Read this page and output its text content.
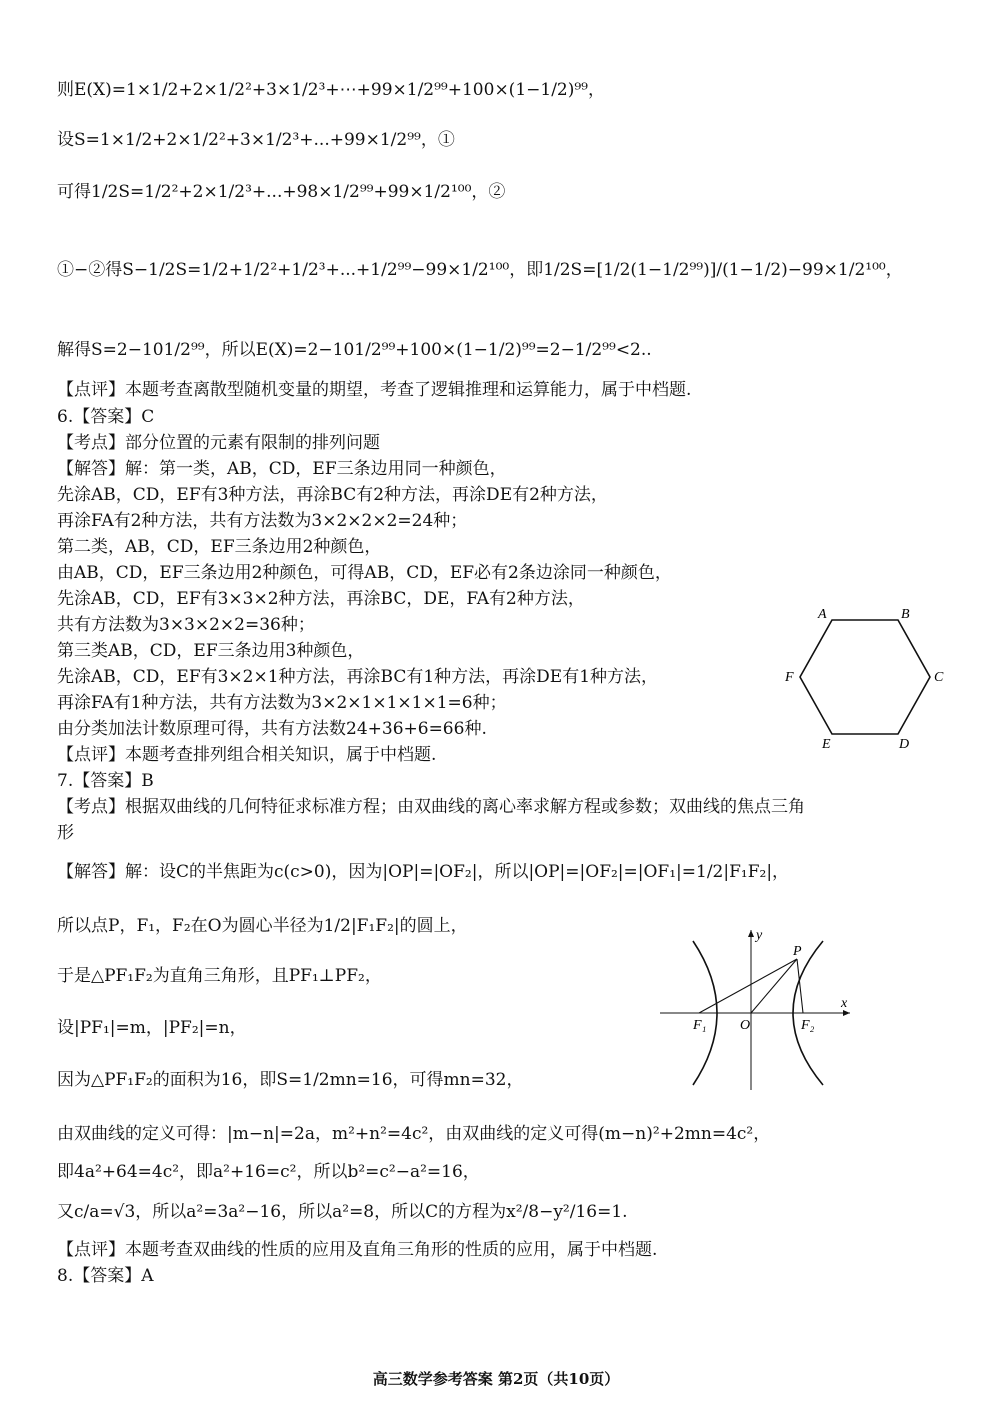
则E(X)=1×1/2+2×1/2²+3×1/2³+⋯+99×1/2⁹⁹+100×(1−1/2)⁹⁹，
设S=1×1/2+2×1/2²+3×1/2³+...+99×1/2⁹⁹，①
可得1/2S=1/2²+2×1/2³+...+98×1/2⁹⁹+99×1/2¹⁰⁰，②
①−②得S−1/2S=1/2+1/2²+1/2³+...+1/2⁹⁹−99×1/2¹⁰⁰，即1/2S=[1/2(1−1/2⁹⁹)]/(1−1/2)−99×1/2¹⁰⁰，
解得S=2−101/2⁹⁹，所以E(X)=2−101/2⁹⁹+100×(1−1/2)⁹⁹=2−1/2⁹⁹<2..
【点评】本题考查离散型随机变量的期望，考查了逻辑推理和运算能力，属于中档题.
6.【答案】C
【考点】部分位置的元素有限制的排列问题
【解答】解：第一类，AB，CD，EF三条边用同一种颜色，
先涂AB，CD，EF有3种方法，再涂BC有2种方法，再涂DE有2种方法，
再涂FA有2种方法，共有方法数为3×2×2×2=24种；
第二类，AB，CD，EF三条边用2种颜色，
由AB，CD，EF三条边用2种颜色，可得AB，CD，EF必有2条边涂同一种颜色，
先涂AB，CD，EF有3×3×2种方法，再涂BC，DE，FA有2种方法，
共有方法数为3×3×2×2=36种；
第三类AB，CD，EF三条边用3种颜色，
先涂AB，CD，EF有3×2×1种方法，再涂BC有1种方法，再涂DE有1种方法，
再涂FA有1种方法，共有方法数为3×2×1×1×1×1=6种；
由分类加法计数原理可得，共有方法数24+36+6=66种.
【点评】本题考查排列组合相关知识，属于中档题.
7.【答案】B
【考点】根据双曲线的几何特征求标准方程；由双曲线的离心率求解方程或参数；双曲线的焦点三角
形
【解答】解：设C的半焦距为c(c>0)，因为|OP|=|OF₂|，所以|OP|=|OF₂|=|OF₁|=1/2|F₁F₂|，
所以点P，F₁，F₂在O为圆心半径为1/2|F₁F₂|的圆上，
于是△PF₁F₂为直角三角形，且PF₁⊥PF₂，
设|PF₁|=m，|PF₂|=n，
因为△PF₁F₂的面积为16，即S=1/2mn=16，可得mn=32，
由双曲线的定义可得：|m−n|=2a，m²+n²=4c²，由双曲线的定义可得(m−n)²+2mn=4c²，
即4a²+64=4c²，即a²+16=c²，所以b²=c²−a²=16，
又c/a=√3，所以a²=3a²−16，所以a²=8，所以C的方程为x²/8−y²/16=1.
【点评】本题考查双曲线的性质的应用及直角三角形的性质的应用，属于中档题.
8.【答案】A
A	B
C
D
E
F
y
x
P
F₁ O	F₂
高三数学参考答案 第2页（共10页）
